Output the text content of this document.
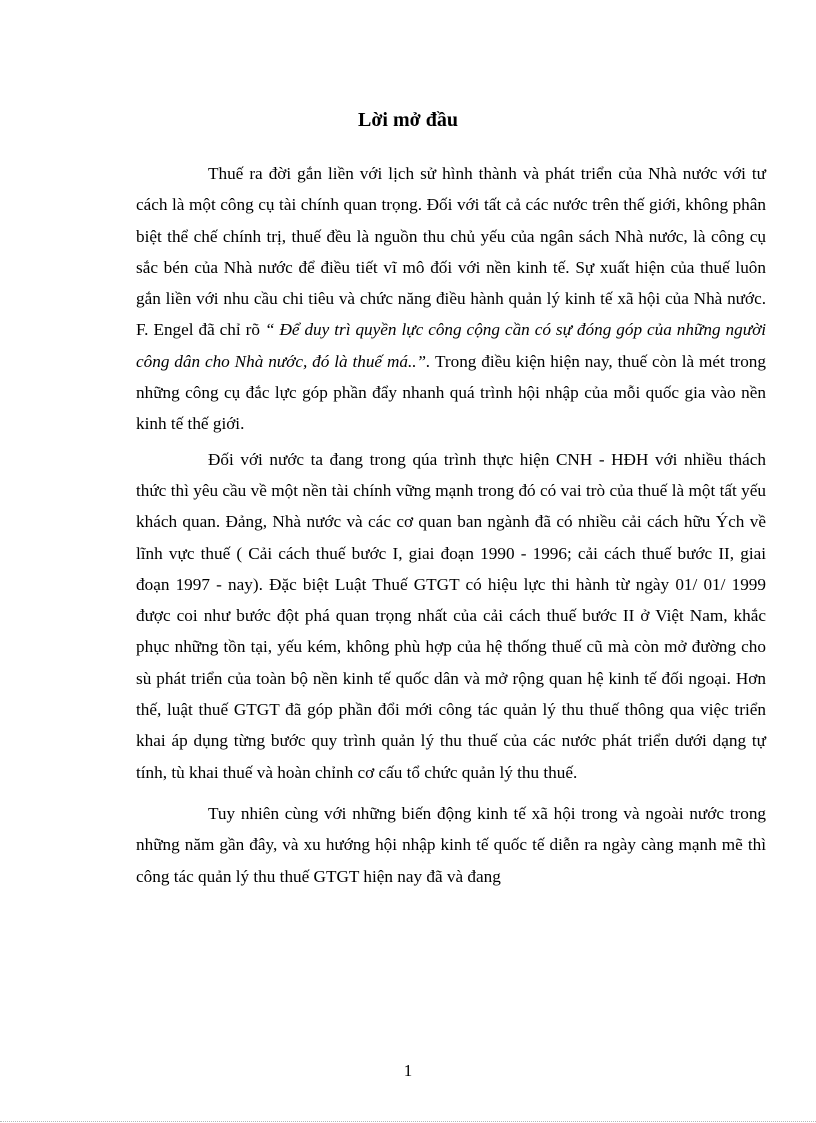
Lời mở đầu

Thuế ra đời gắn liền với lịch sử hình thành và phát triển của Nhà nước với tư cách là một công cụ tài chính quan trọng. Đối với tất cả các nước trên thế giới, không phân biệt thể chế chính trị, thuế đều là nguồn thu chủ yếu của ngân sách Nhà nước, là công cụ sắc bén của Nhà nước để điều tiết vĩ mô đối với nền kinh tế. Sự xuất hiện của thuế luôn gắn liền với nhu cầu chi tiêu và chức năng điều hành quản lý kinh tế xã hội của Nhà nước. F. Engel đã chỉ rõ “ Để duy trì quyền lực công cộng cần có sự đóng góp của những người công dân cho Nhà nước, đó là thuế má..”. Trong điều kiện hiện nay, thuế còn là mét trong những công cụ đắc lực góp phần đẩy nhanh quá trình hội nhập của mỗi quốc gia vào nền kinh tế thế giới.

Đối với nước ta đang trong qúa trình thực hiện CNH - HĐH với nhiều thách thức thì yêu cầu về một nền tài chính vững mạnh trong đó có vai trò của thuế là một tất yếu khách quan. Đảng, Nhà nước và các cơ quan ban ngành đã có nhiều cải cách hữu Ých về lĩnh vực thuế ( Cải cách thuế bước I, giai đoạn 1990 - 1996; cải cách thuế bước II, giai đoạn 1997 - nay). Đặc biệt Luật Thuế GTGT có hiệu lực thi hành từ ngày 01/ 01/ 1999 được coi như bước đột phá quan trọng nhất của cải cách thuế bước II ở Việt Nam, khắc phục những tồn tại, yếu kém, không phù hợp của hệ thống thuế cũ mà còn mở đường cho sù phát triển của toàn bộ nền kinh tế quốc dân và mở rộng quan hệ kinh tế đối ngoại. Hơn thế, luật thuế GTGT đã góp phần đổi mới công tác quản lý thu thuế thông qua việc triển khai áp dụng từng bước quy trình quản lý thu thuế của các nước phát triển dưới dạng tự tính, tù khai thuế và hoàn chỉnh cơ cấu tổ chức quản lý thu thuế.

Tuy nhiên cùng với những biến động kinh tế xã hội trong và ngoài nước trong những năm gần đây, và xu hướng hội nhập kinh tế quốc tế diễn ra ngày càng mạnh mẽ thì công tác quản lý thu thuế GTGT hiện nay đã và đang

1
